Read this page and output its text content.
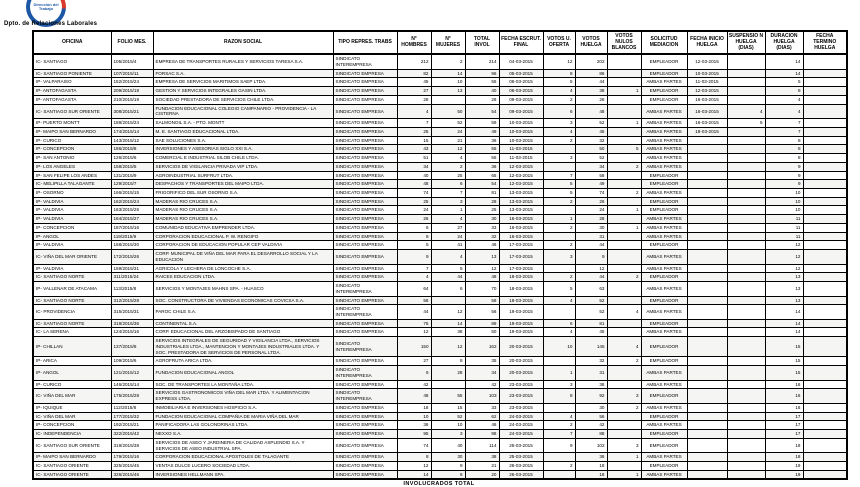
Dirección del Trabajo
Dpto. de Relaciones Laborales
OFICINA	FOLIO MES.	RAZON SOCIAL	TIPO REPRES. TRABS	N° HOMBRES	N° MUJERES	TOTAL INVOL	FECHA ESCRUT. FINAL	VOTOS U. OFERTA	VOTOS HUELGA	VOTOS NULOS BLANCOS	SOLICITUD MEDIACION	FECHA INICIO HUELGA	SUSPENSIO N HUELGA (DIAS)	DURACION HUELGA (DIAS)	FECHA TERMINO HUELGA
IC- SANTIAGO	105/2015/4	EMPRESA DE TRANSPORTES RURALES Y SERVICIOS TARESA S.A.	SINDICATO INTEREMPRESA	212	2	214	04-03-2015	12	202		EMPLEADOR	12-03-2015		14	
IC- SANTIAGO PONIENTE	107/2015/11	FORSAC S.A.	SINDICATO EMPRESA	82	14	96	05-03-2015	8	86		EMPLEADOR	10-03-2015		14	
IP- VALPARAISO	152/2015/24	EMPRESA DE SERVICIOS MARITIMOS SAEP LTDA.	SINDICATO EMPRESA	45	10	55	06-03-2015	5	44		AMBAS PARTES	11-03-2015		5	
IP- ANTOFAGASTA	209/2015/18	GESTION Y SERVICIOS INTEGRALES GASIN LTDA.	SINDICATO EMPRESA	27	13	40	06-03-2015	4	38	1	EMPLEADOR	12-03-2015		8	
IP- ANTOFAGASTA	210/2015/19	SOCIEDAD PRESTADORA DE SERVICIOS CHILE LTDA.	SINDICATO EMPRESA	28		28	09-03-2015	2	26		EMPLEADOR	16-03-2015		4	
IC- SANTIAGO SUR ORIENTE	308/2015/21	FUNDACION EDUCACIONAL COLEGIO CAMPANARIO - PROVIDENCIA - LA CISTERNA	SINDICATO EMPRESA	4	50	54	09-03-2015	6	48		AMBAS PARTES	16-03-2015	4	4	
IP- PUERTO MONTT	188/2015/24	SALMONOIL S.A. - PTO. MONTT	SINDICATO EMPRESA	7	52	59	10-03-2015	3	52	1	AMBAS PARTES	16-03-2015	5	7	
IP- MAIPO SAN BERNARDO	174/2015/14	M. E. SANTIAGO EDUCACIONAL LTDA.	SINDICATO EMPRESA	25	24	49	10-03-2015	4	45		AMBAS PARTES	18-03-2015		7	
IP- CURICO	143/2015/12	SAE SOLUCIONES S.A.	SINDICATO EMPRESA	15	21	36	10-03-2015	2	32		AMBAS PARTES			8	
IP- CONCEPCION	186/2015/8	INVERSIONES Y ASESORIAS SIGLO XXI S.A.	SINDICATO EMPRESA	43	12	55	11-03-2015		50	5	AMBAS PARTES			8	
IP- SAN ANTONIO	126/2015/6	COMERCIAL E INDUSTRIAL SILOB CHILE LTDA.	SINDICATO EMPRESA	51	4	55	11-03-2015	3	52		AMBAS PARTES			8	
IP- LOS ANGELES	158/2015/5	SERVICIOS DE VIGILANCIA PRIVADA VIP LTDA.	SINDICATO EMPRESA	34	2	36	12-03-2015		34	2	AMBAS PARTES			9	
IP- SAN FELIPE LOS ANDES	131/2015/9	AGROINDUSTRIAL SURFRUT LTDA.	SINDICATO EMPRESA	40	25	65	12-03-2015	7	58		EMPLEADOR			9	
IC- MELIPILLA TALAGANTE	129/2015/7	DESPACHOS Y TRANSPORTES DEL MAIPO LTDA.	SINDICATO EMPRESA	48	6	54	12-03-2015	5	49		EMPLEADOR			9	
IP- OSORNO	166/2015/15	FRIGORIFICO DEL SUR OSORNO S.A.	SINDICATO EMPRESA	74	7	81	13-03-2015	5	74	2	AMBAS PARTES			10	
IP- VALDIVIA	162/2015/24	MADERAS RIO CRUCES S.A.	SINDICATO EMPRESA	25	3	28	13-03-2015	2	26		EMPLEADOR			10	
IP- VALDIVIA	163/2015/26	MADERAS RIO CRUCES S.A.	SINDICATO EMPRESA	24	1	25	13-03-2015		24	1	EMPLEADOR			10	
IP- VALDIVIA	164/2015/27	MADERAS RIO CRUCES S.A.	SINDICATO EMPRESA	26	4	30	16-03-2015	1	28		AMBAS PARTES			11	
IP- CONCEPCION	187/2015/16	COMUNIDAD EDUCATIVA EMPRENDER LTDA.	SINDICATO EMPRESA	6	27	33	16-03-2015	2	30	1	AMBAS PARTES			11	
IP- ANGOL	119/2015/9	CORPORACION EDUCACIONAL P. W. RENGIFO	SINDICATO EMPRESA	8	24	32	16-03-2015		31		AMBAS PARTES			11	
IP- VALDIVIA	168/2015/30	CORPORACION DE EDUCACION POPULAR CEP VALDIVIA	SINDICATO EMPRESA	5	41	46	17-03-2015	2	44		EMPLEADOR			12	
IC- VIÑA DEL MAR ORIENTE	172/2015/26	CORP. MUNICIPAL DE VIÑA DEL MAR PARA EL DESARROLLO SOCIAL Y LA EDUCACION	SINDICATO EMPRESA	9	4	13	17-03-2015	3	9		AMBAS PARTES			12	
IP- VALDIVIA	169/2015/31	AGRICOLA Y LECHERA DE LONCOCHE S.A.	SINDICATO EMPRESA	7	5	12	17-03-2015		12		AMBAS PARTES			12	
IC- SANTIAGO NORTE	311/2015/24	RAICES EDUCACION LTDA.	SINDICATO EMPRESA	4	44	48	18-03-2015	2	44	2	EMPLEADOR			13	
IP- VALLENAR DE ATACAMA	113/2015/8	SERVICIOS Y MONTAJES MAHNS SPA. - HUASCO	SINDICATO INTEREMPRESA	64	6	70	18-03-2015	5	63		AMBAS PARTES			13	
IC- SANTIAGO NORTE	312/2015/28	SOC. CONSTRUCTORA DE VIVIENDAS ECONOMICAS COVICSA S.A.	SINDICATO EMPRESA	58		58	18-03-2015	4	52		EMPLEADOR			13	
IC- PROVIDENCIA	315/2015/31	PAROC CHILE S.A.	SINDICATO INTEREMPRESA	44	12	56	19-03-2015		52	4	AMBAS PARTES			14	
IC- SANTIAGO NORTE	318/2015/36	CONTINENTAL S.A.	SINDICATO EMPRESA	75	14	89	19-03-2015	6	81		EMPLEADOR			14	
IC- LA SERENA	124/2015/16	CORP. EDUCACIONAL DEL ARZOBISPADO DE SANTIAGO	SINDICATO EMPRESA	12	38	50	19-03-2015	4	45		AMBAS PARTES			14	
IP- CHILLAN	137/2015/8	SERVICIOS INTEGRALES DE SEGURIDAD Y VIGILANCIA LTDA., SERVICIOS INDUSTRIALES LTDA., MANTENCION Y MONTAJES INDUSTRIALES LTDA. Y SOC. PRESTADORA DE SERVICIOS DE PERSONAL LTDA.	SINDICATO INTEREMPRESA	150	12	162	20-03-2015	10	145	4	EMPLEADOR			15	
IP- ARICA	109/2015/6	AGROFRUTA ARICA LTDA.	SINDICATO EMPRESA	27	8	35	20-03-2015		32	2	EMPLEADOR			15	
IP- ANGOL	121/2015/12	FUNDACION EDUCACIONAL ANGOL	SINDICATO INTEREMPRESA	6	28	34	20-03-2015	1	31		AMBAS PARTES			15	
IP- CURICO	146/2015/14	SOC. DE TRANSPORTES LA MONTAÑA LTDA.	SINDICATO EMPRESA	42		42	23-03-2015	3	38		AMBAS PARTES			16	
IC- VIÑA DEL MAR	175/2015/28	SERVICIOS GASTRONOMICOS VIÑA DEL MAR LTDA. Y ALIMENTACION EXPRESS LTDA.	SINDICATO INTEREMPRESA	48	55	103	23-03-2015	8	92	3	EMPLEADOR			16	
IP- IQUIQUE	112/2015/8	INMOBILIARIA E INVERSIONES HOSPICIO S.A.	SINDICATO EMPRESA	18	15	33	23-03-2015		30	2	AMBAS PARTES			16	
IC- VIÑA DEL MAR	177/2015/32	FUNDACION EDUCACIONAL COMPAÑIA DE MARIA VIÑA DEL MAR	SINDICATO EMPRESA	10	52	62	24-03-2015	4	56		EMPLEADOR			17	
IP- CONCEPCION	192/2015/21	PANIFICADORA LAS GOLONDRINAS LTDA.	SINDICATO EMPRESA	36	10	46	24-03-2015	2	42		AMBAS PARTES			17	
IC- INDEPENDENCIA	322/2015/42	NEXXO S.A.	SINDICATO EMPRESA	95	3	98	24-03-2015	7	88		EMPLEADOR			17	
IC- SANTIAGO SUR ORIENTE	319/2015/38	SERVICIOS DE ASEO Y JARDINERIA DE CALIDAD ASPLENDID S.A. Y SERVICIOS DE ASEO INDUSTRIAL SPA.	SINDICATO EMPRESA	74	40	114	25-03-2015	9	102	3	EMPLEADOR			18	
IP- MAIPO SAN BERNARDO	179/2015/16	CORPORACION EDUCACIONAL APOSTOLES DE TALAGANTE	SINDICATO EMPRESA	8	30	38	25-03-2015		36	1	AMBAS PARTES			18	
IC- SANTIAGO ORIENTE	325/2015/45	VENTAS DULCE LUCERO SOCIEDAD LTDA.	SINDICATO EMPRESA	12	9	21	26-03-2015	2	18		EMPLEADOR			19	
IC- SANTIAGO ORIENTE	326/2015/46	INVERSIONES HELLMANN SPA.	SINDICATO EMPRESA	14	6	20	26-03-2015		18	1	AMBAS PARTES			19	
INVOLUCRADOS TOTAL
